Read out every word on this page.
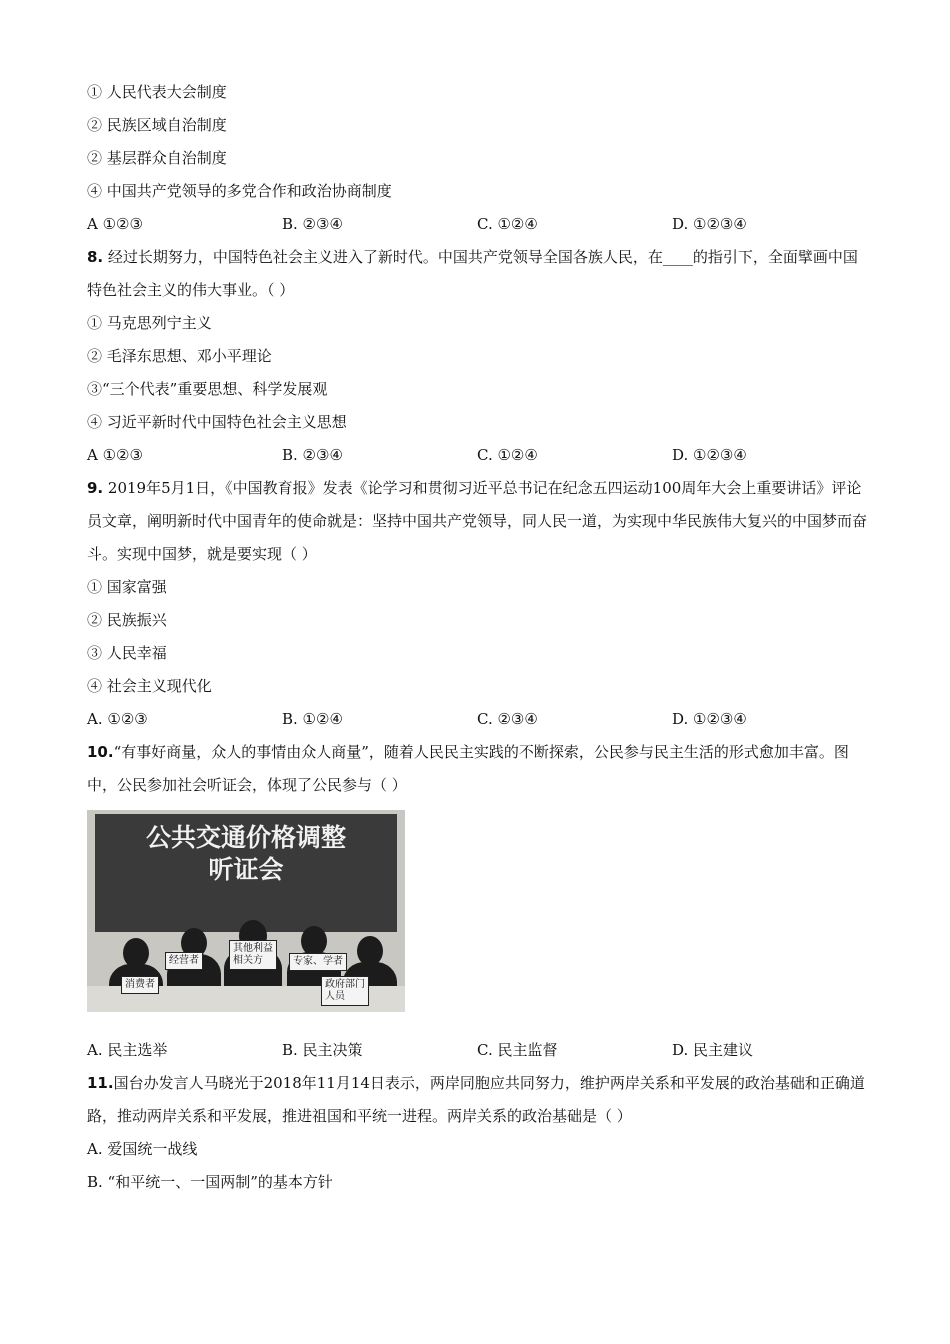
① 人民代表大会制度
② 民族区域自治制度
② 基层群众自治制度
④ 中国共产党领导的多党合作和政治协商制度
A ①②③	B. ②③④	C. ①②④	D. ①②③④
8. 经过长期努力，中国特色社会主义进入了新时代。中国共产党领导全国各族人民，在____的指引下，全面擘画中国特色社会主义的伟大事业。（ ）
① 马克思列宁主义
② 毛泽东思想、邓小平理论
③“三个代表”重要思想、科学发展观
④ 习近平新时代中国特色社会主义思想
A ①②③	B. ②③④	C. ①②④	D. ①②③④
9. 2019年5月1日，《中国教育报》发表《论学习和贯彻习近平总书记在纪念五四运动100周年大会上重要讲话》评论员文章，阐明新时代中国青年的使命就是：坚持中国共产党领导，同人民一道，为实现中华民族伟大复兴的中国梦而奋斗。实现中国梦，就是要实现（ ）
① 国家富强
② 民族振兴
③ 人民幸福
④ 社会主义现代化
A. ①②③	B. ①②④	C. ②③④	D. ①②③④
10.“有事好商量，众人的事情由众人商量”，随着人民民主实践的不断探索，公民参与民主生活的形式愈加丰富。图中，公民参加社会听证会，体现了公民参与（ ）
公共交通价格调整
听证会
消费者
经营者
其他利益
相关方	专家、学者
政府部门
人员
A. 民主选举	B. 民主决策	C. 民主监督	D. 民主建议
11.国台办发言人马晓光于2018年11月14日表示，两岸同胞应共同努力，维护两岸关系和平发展的政治基础和正确道路，推动两岸关系和平发展，推进祖国和平统一进程。两岸关系的政治基础是（ ）
A. 爱国统一战线
B. “和平统一、一国两制”的基本方针
